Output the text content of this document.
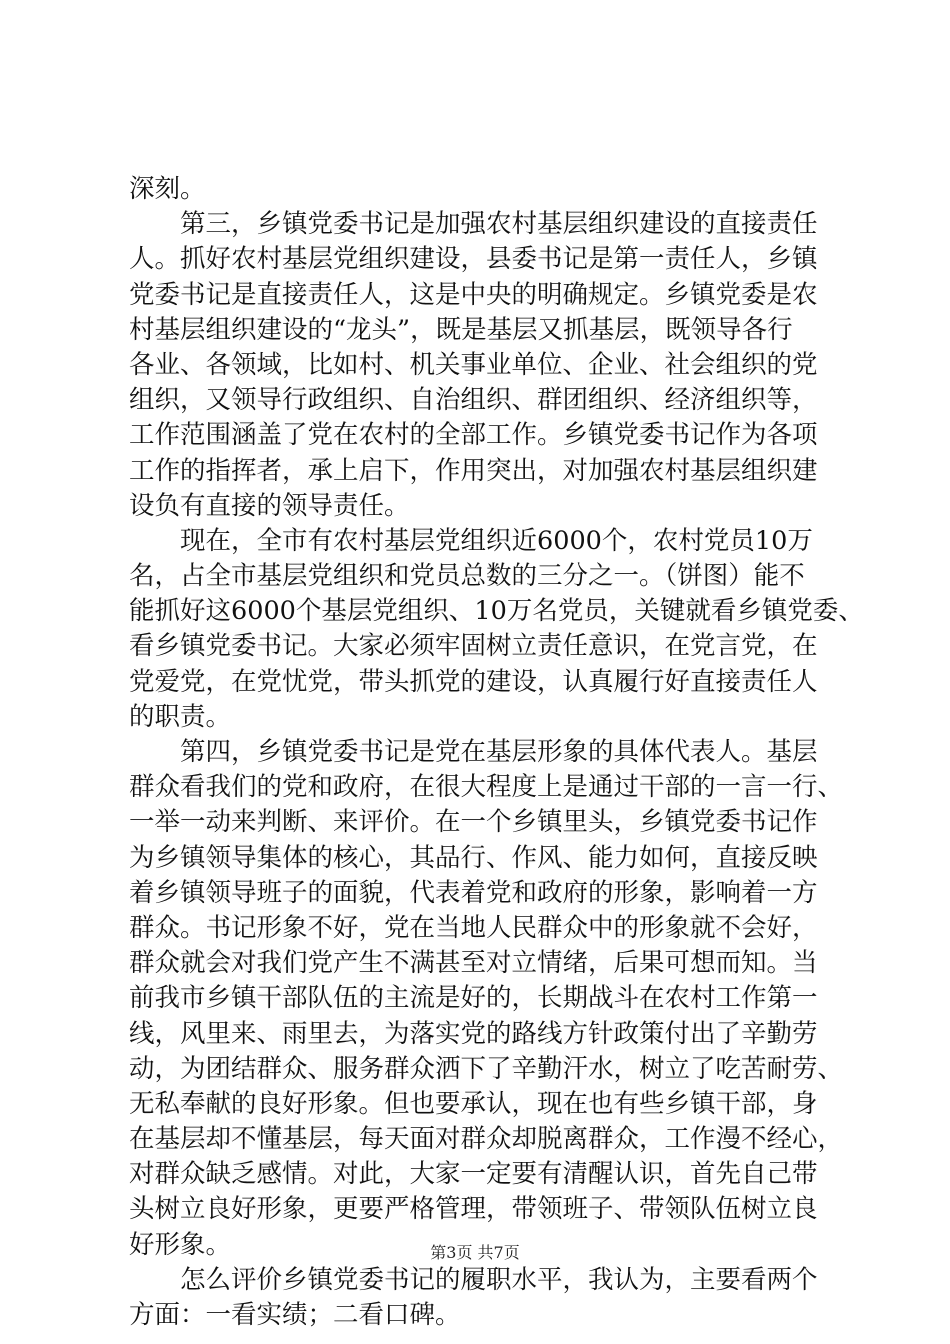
深刻。
　　第三，乡镇党委书记是加强农村基层组织建设的直接责任
人。抓好农村基层党组织建设，县委书记是第一责任人，乡镇
党委书记是直接责任人，这是中央的明确规定。乡镇党委是农
村基层组织建设的“龙头”，既是基层又抓基层，既领导各行
各业、各领域，比如村、机关事业单位、企业、社会组织的党
组织，又领导行政组织、自治组织、群团组织、经济组织等，
工作范围涵盖了党在农村的全部工作。乡镇党委书记作为各项
工作的指挥者，承上启下，作用突出，对加强农村基层组织建
设负有直接的领导责任。
　　现在，全市有农村基层党组织近6000个，农村党员10万
名，占全市基层党组织和党员总数的三分之一。（饼图）能不
能抓好这6000个基层党组织、10万名党员，关键就看乡镇党委、
看乡镇党委书记。大家必须牢固树立责任意识，在党言党，在
党爱党，在党忧党，带头抓党的建设，认真履行好直接责任人
的职责。
　　第四，乡镇党委书记是党在基层形象的具体代表人。基层
群众看我们的党和政府，在很大程度上是通过干部的一言一行、
一举一动来判断、来评价。在一个乡镇里头，乡镇党委书记作
为乡镇领导集体的核心，其品行、作风、能力如何，直接反映
着乡镇领导班子的面貌，代表着党和政府的形象，影响着一方
群众。书记形象不好，党在当地人民群众中的形象就不会好，
群众就会对我们党产生不满甚至对立情绪，后果可想而知。当
前我市乡镇干部队伍的主流是好的，长期战斗在农村工作第一
线，风里来、雨里去，为落实党的路线方针政策付出了辛勤劳
动，为团结群众、服务群众洒下了辛勤汗水，树立了吃苦耐劳、
无私奉献的良好形象。但也要承认，现在也有些乡镇干部，身
在基层却不懂基层，每天面对群众却脱离群众，工作漫不经心，
对群众缺乏感情。对此，大家一定要有清醒认识，首先自己带
头树立良好形象，更要严格管理，带领班子、带领队伍树立良
好形象。
　　怎么评价乡镇党委书记的履职水平，我认为，主要看两个
方面：一看实绩；二看口碑。
第3页 共7页
